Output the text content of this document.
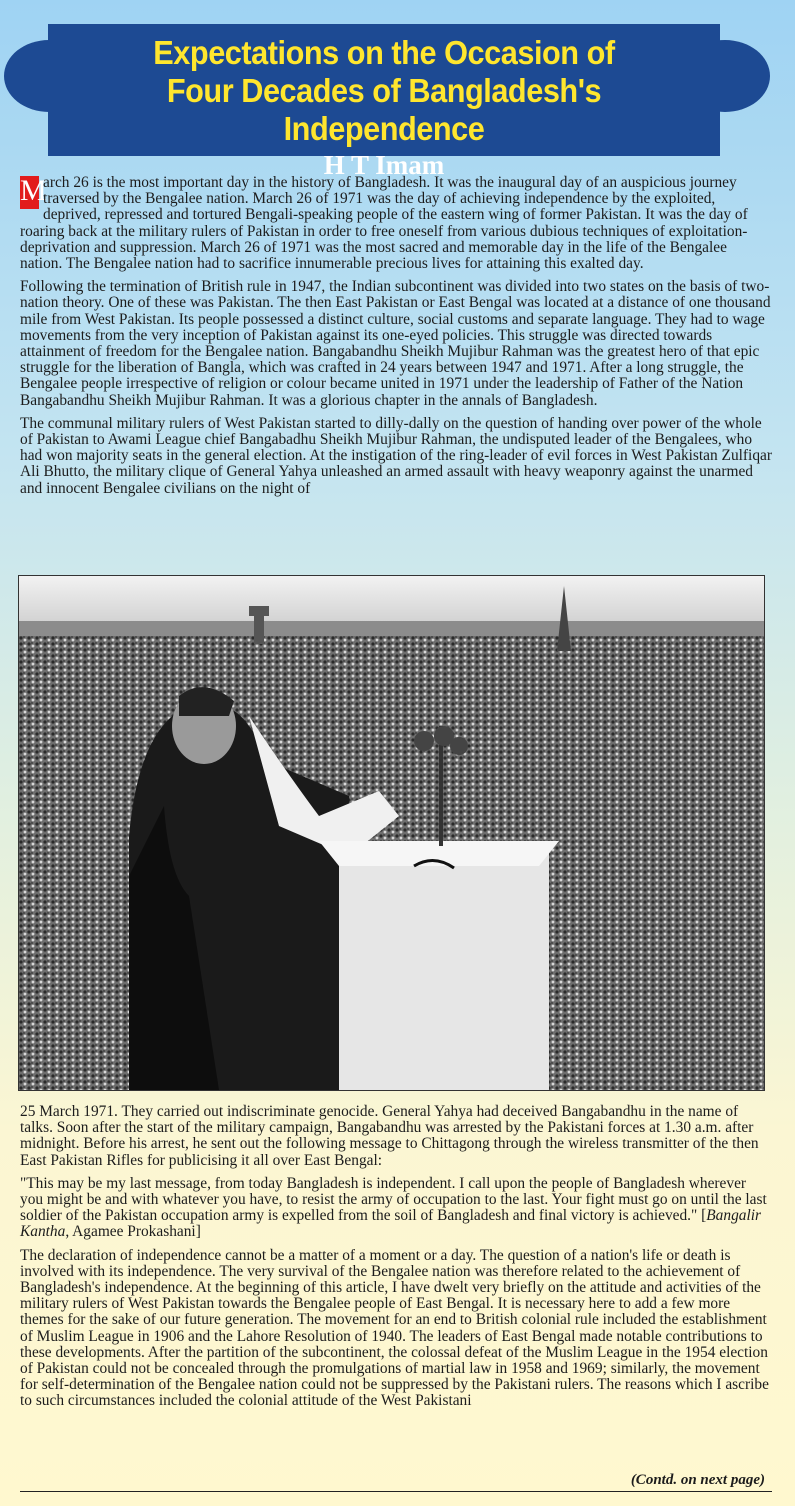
Expectations on the Occasion of
Four Decades of Bangladesh's Independence
H T Imam

M
arch 26 is the most important day in the history of Bangladesh. It was the inaugural day of an auspicious journey traversed by the Bengalee nation. March 26 of 1971 was the day of achieving independence by the exploited, deprived, repressed and tortured Bengali-speaking people of the eastern wing of former Pakistan. It was the day of roaring back at the military rulers of Pakistan in order to free oneself from various dubious techniques of exploitation-deprivation and suppression. March 26 of 1971 was the most sacred and memorable day in the life of the Bengalee nation. The Bengalee nation had to sacrifice innumerable precious lives for attaining this exalted day.

Following the termination of British rule in 1947, the Indian subcontinent was divided into two states on the basis of two-nation theory. One of these was Pakistan. The then East Pakistan or East Bengal was located at a distance of one thousand mile from West Pakistan. Its people possessed a distinct culture, social customs and separate language. They had to wage movements from the very inception of Pakistan against its one-eyed policies. This struggle was directed towards attainment of freedom for the Bengalee nation. Bangabandhu Sheikh Mujibur Rahman was the greatest hero of that epic struggle for the liberation of Bangla, which was crafted in 24 years between 1947 and 1971. After a long struggle, the Bengalee people irrespective of religion or colour became united in 1971 under the leadership of Father of the Nation Bangabandhu Sheikh Mujibur Rahman. It was a glorious chapter in the annals of Bangladesh.

The communal military rulers of West Pakistan started to dilly-dally on the question of handing over power of the whole of Pakistan to Awami League chief Bangabadhu Sheikh Mujibur Rahman, the undisputed leader of the Bengalees, who had won majority seats in the general election. At the instigation of the ring-leader of evil forces in West Pakistan Zulfiqar Ali Bhutto, the military clique of General Yahya unleashed an armed assault with heavy weaponry against the unarmed and innocent Bengalee civilians on the night of

25 March 1971. They carried out indiscriminate genocide. General Yahya had deceived Bangabandhu in the name of talks. Soon after the start of the military campaign, Bangabandhu was arrested by the Pakistani forces at 1.30 a.m. after midnight. Before his arrest, he sent out the following message to Chittagong through the wireless transmitter of the then East Pakistan Rifles for publicising it all over East Bengal:

"This may be my last message, from today Bangladesh is independent. I call upon the people of Bangladesh wherever you might be and with whatever you have, to resist the army of occupation to the last. Your fight must go on until the last soldier of the Pakistan occupation army is expelled from the soil of Bangladesh and final victory is achieved." [Bangalir Kantha, Agamee Prokashani]

The declaration of independence cannot be a matter of a moment or a day. The question of a nation's life or death is involved with its independence. The very survival of the Bengalee nation was therefore related to the achievement of Bangladesh's independence. At the beginning of this article, I have dwelt very briefly on the attitude and activities of the military rulers of West Pakistan towards the Bengalee people of East Bengal. It is necessary here to add a few more themes for the sake of our future generation. The movement for an end to British colonial rule included the establishment of Muslim League in 1906 and the Lahore Resolution of 1940. The leaders of East Bengal made notable contributions to these developments. After the partition of the subcontinent, the colossal defeat of the Muslim League in the 1954 election of Pakistan could not be concealed through the promulgations of martial law in 1958 and 1969; similarly, the movement for self-determination of the Bengalee nation could not be suppressed by the Pakistani rulers. The reasons which I ascribe to such circumstances included the colonial attitude of the West Pakistani

(Contd. on next page)
